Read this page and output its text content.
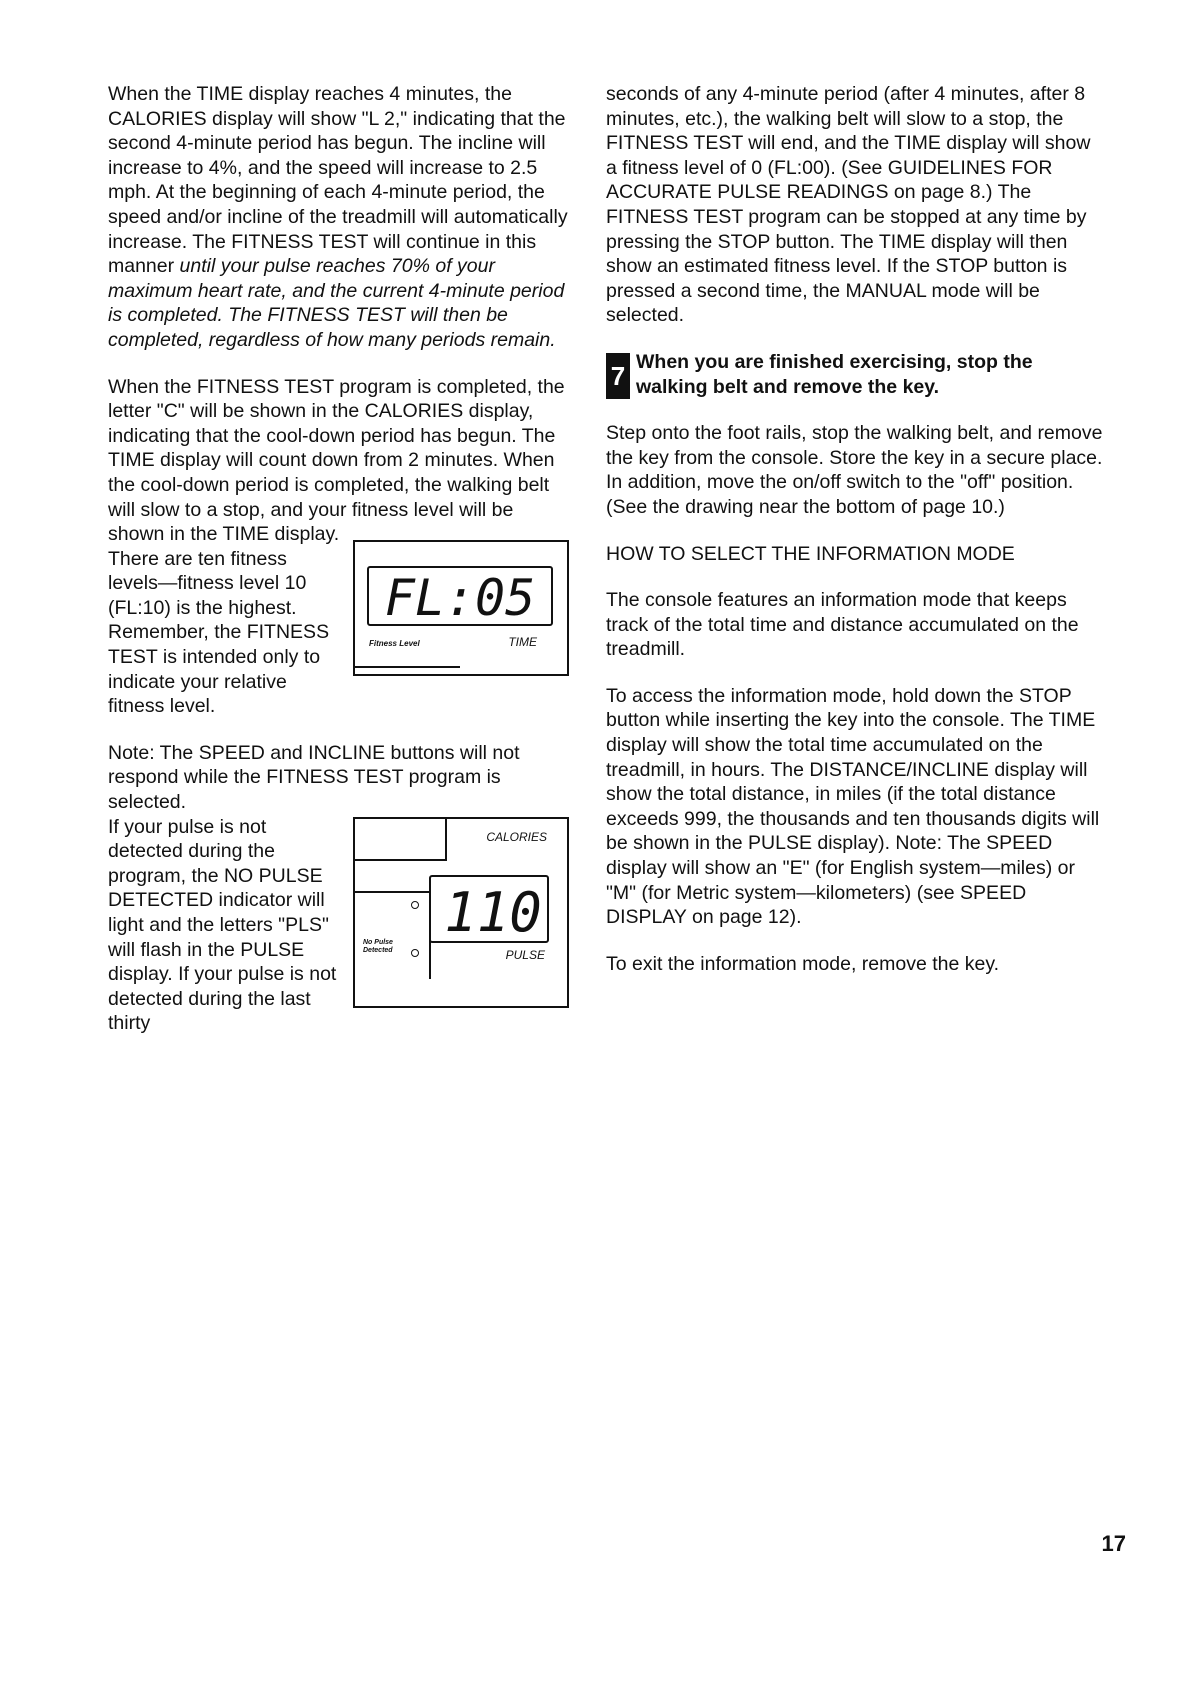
When the TIME display reaches 4 minutes, the CALORIES display will show "L 2," indicating that the second 4-minute period has begun. The incline will increase to 4%, and the speed will increase to 2.5 mph. At the beginning of each 4-minute period, the speed and/or incline of the treadmill will automatically increase. The FITNESS TEST will continue in this manner until your pulse reaches 70% of your maximum heart rate, and the current 4-minute period is completed. The FITNESS TEST will then be completed, regardless of how many periods remain.

When the FITNESS TEST program is completed, the letter "C" will be shown in the CALORIES display, indicating that the cool-down period has begun. The TIME display will count down from 2 minutes. When the cool-down period is completed, the walking belt will slow to a stop, and your fitness level will be

shown in the TIME display. There are ten fitness levels—fitness level 10 (FL:10) is the highest. Remember, the FITNESS TEST is intended only to indicate your relative fitness level.

FL:05
Fitness Level	TIME

Note: The SPEED and INCLINE buttons will not respond while the FITNESS TEST program is selected.

If your pulse is not detected during the program, the NO PULSE DETECTED indicator will light and the letters "PLS" will flash in the PULSE display. If your pulse is not detected during the last thirty

CALORIES
No Pulse Detected
110
PULSE

seconds of any 4-minute period (after 4 minutes, after 8 minutes, etc.), the walking belt will slow to a stop, the FITNESS TEST will end, and the TIME display will show a fitness level of 0 (FL:00). (See GUIDELINES FOR ACCURATE PULSE READINGS on page 8.) The FITNESS TEST program can be stopped at any time by pressing the STOP button. The TIME display will then show an estimated fitness level. If the STOP button is pressed a second time, the MANUAL mode will be selected.

7 When you are finished exercising, stop the walking belt and remove the key.

Step onto the foot rails, stop the walking belt, and remove the key from the console. Store the key in a secure place. In addition, move the on/off switch to the "off" position. (See the drawing near the bottom of page 10.)

HOW TO SELECT THE INFORMATION MODE

The console features an information mode that keeps track of the total time and distance accumulated on the treadmill.

To access the information mode, hold down the STOP button while inserting the key into the console. The TIME display will show the total time accumulated on the treadmill, in hours. The DISTANCE/INCLINE display will show the total distance, in miles (if the total distance exceeds 999, the thousands and ten thousands digits will be shown in the PULSE display). Note: The SPEED display will show an "E" (for English system—miles) or "M" (for Metric system—kilometers) (see SPEED DISPLAY on page 12).

To exit the information mode, remove the key.

17
